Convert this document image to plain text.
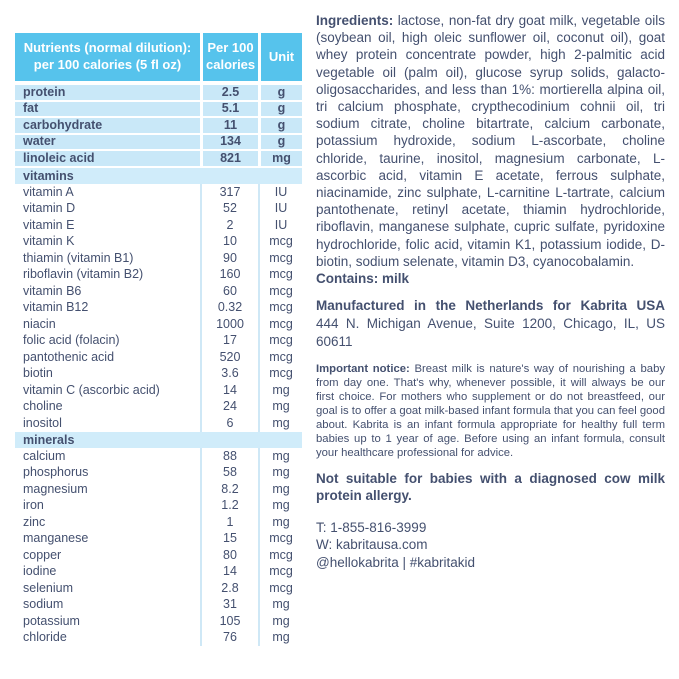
Nutrients (normal dilution): per 100 calories (5 fl oz)
Per 100 calories
Unit
protein	2.5	g
fat	5.1	g
carbohydrate	11	g
water	134	g
linoleic acid	821	mg
vitamins
vitamin A	317	IU
vitamin D	52	IU
vitamin E	2	IU
vitamin K	10	mcg
thiamin (vitamin B1)	90	mcg
riboflavin (vitamin B2)	160	mcg
vitamin B6	60	mcg
vitamin B12	0.32	mcg
niacin	1000	mcg
folic acid (folacin)	17	mcg
pantothenic acid	520	mcg
biotin	3.6	mcg
vitamin C (ascorbic acid)	14	mg
choline	24	mg
inositol	6	mg
minerals
calcium	88	mg
phosphorus	58	mg
magnesium	8.2	mg
iron	1.2	mg
zinc	1	mg
manganese	15	mcg
copper	80	mcg
iodine	14	mcg
selenium	2.8	mcg
sodium	31	mg
potassium	105	mg
chloride	76	mg

Ingredients: lactose, non-fat dry goat milk, vegetable oils (soybean oil, high oleic sunflower oil, coconut oil), goat whey protein concentrate powder, high 2-palmitic acid vegetable oil (palm oil), glucose syrup solids, galacto-oligosaccharides, and less than 1%: mortierella alpina oil, tri calcium phosphate, crypthecodinium cohnii oil, tri sodium citrate, choline bitartrate, calcium carbonate, potassium hydroxide, sodium L-ascorbate, choline chloride, taurine, inositol, magnesium carbonate, L-ascorbic acid, vitamin E acetate, ferrous sulphate, niacinamide, zinc sulphate, L-carnitine L-tartrate, calcium pantothenate, retinyl acetate, thiamin hydrochloride, riboflavin, manganese sulphate, cupric sulfate, pyridoxine hydrochloride, folic acid, vitamin K1, potassium iodide, D-biotin, sodium selenate, vitamin D3, cyanocobalamin.

Contains: milk

Manufactured in the Netherlands for Kabrita USA
444 N. Michigan Avenue, Suite 1200, Chicago, IL, US 60611

Important notice: Breast milk is nature's way of nourishing a baby from day one. That's why, whenever possible, it will always be our first choice. For mothers who supplement or do not breastfeed, our goal is to offer a goat milk-based infant formula that you can feel good about. Kabrita is an infant formula appropriate for healthy full term babies up to 1 year of age. Before using an infant formula, consult your healthcare professional for advice.

Not suitable for babies with a diagnosed cow milk protein allergy.

T: 1-855-816-3999
W: kabritausa.com
@hellokabrita | #kabritakid
